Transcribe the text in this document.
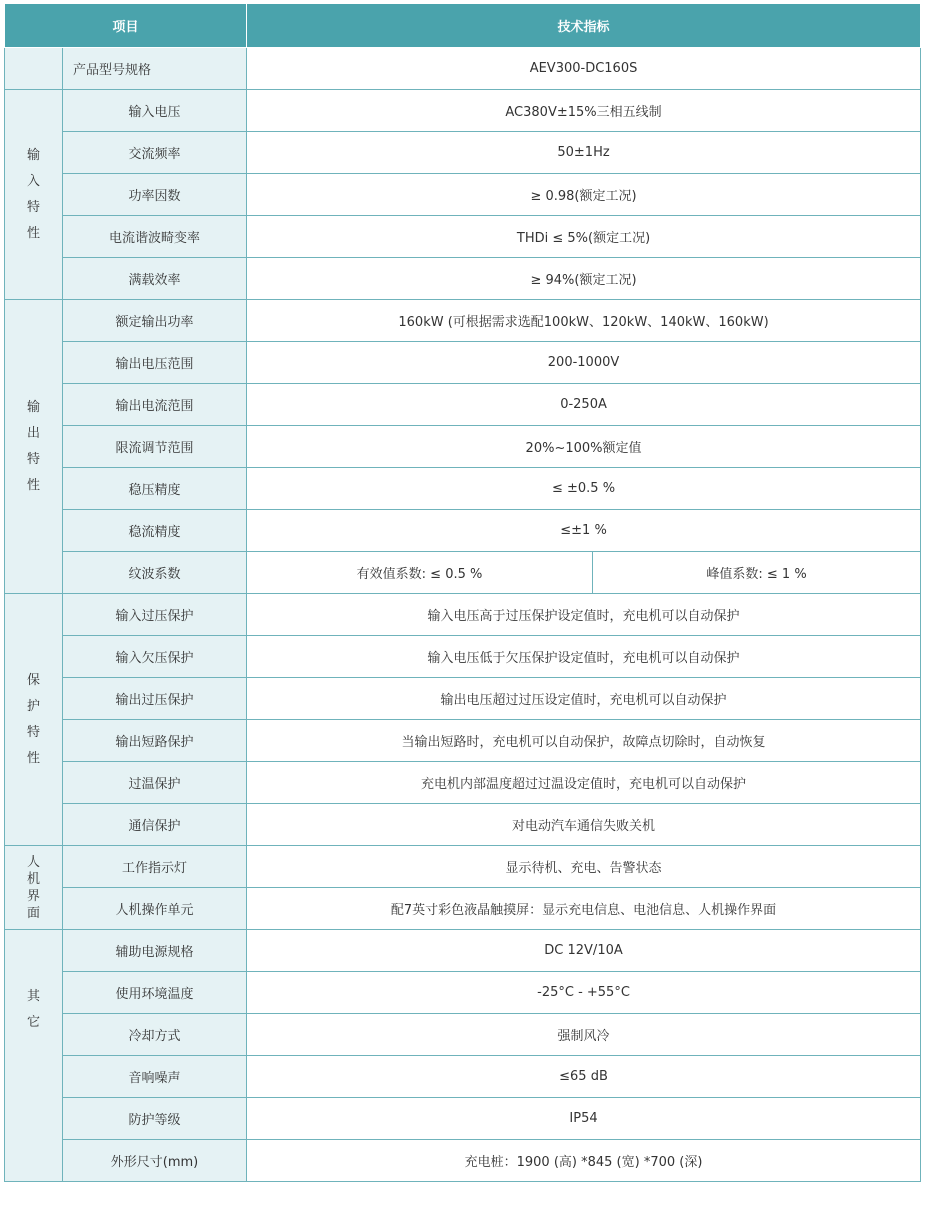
项目		技术指标	
	产品型号规格	AEV300-DC160S	
输入特性	输入电压	AC380V±15%三相五线制	
	交流频率	50±1Hz	
	功率因数	≥ 0.98(额定工况)	
	电流谐波畸变率	THDi ≤ 5%(额定工况)	
	满载效率	≥ 94%(额定工况)	
输出特性	额定输出功率	160kW (可根据需求选配100kW、120kW、140kW、160kW)	
	输出电压范围	200-1000V	
	输出电流范围	0-250A	
	限流调节范围	20%~100%额定值	
	稳压精度	≤ ±0.5 %	
	稳流精度	≤±1 %	
	纹波系数	有效值系数: ≤ 0.5 %	峰值系数: ≤ 1 %
保护特性	输入过压保护	输入电压高于过压保护设定值时，充电机可以自动保护	
	输入欠压保护	输入电压低于欠压保护设定值时，充电机可以自动保护	
	输出过压保护	输出电压超过过压设定值时，充电机可以自动保护	
	输出短路保护	当输出短路时，充电机可以自动保护，故障点切除时，自动恢复	
	过温保护	充电机内部温度超过过温设定值时，充电机可以自动保护	
	通信保护	对电动汽车通信失败关机	
人机界面	工作指示灯	显示待机、充电、告警状态	
	人机操作单元	配7英寸彩色液晶触摸屏：显示充电信息、电池信息、人机操作界面	
其它	辅助电源规格	DC 12V/10A	
	使用环境温度	-25°C - +55°C	
	冷却方式	强制风冷	
	音响噪声	≤65 dB	
	防护等级	IP54	
	外形尺寸(mm)	充电桩：1900 (高) *845 (宽) *700 (深)	
